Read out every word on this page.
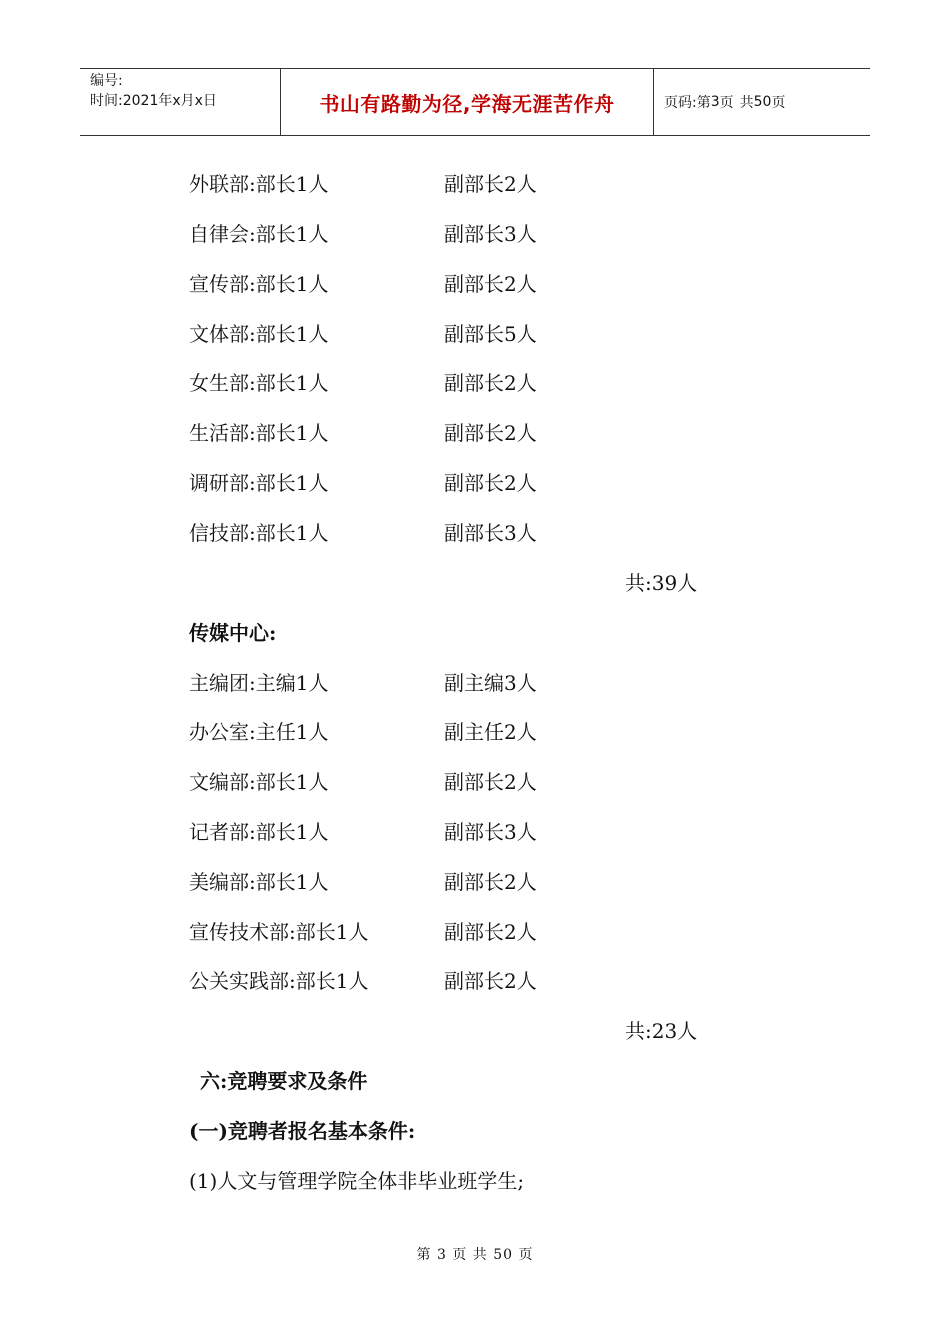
编号:
时间:2021年x月x日	书山有路勤为径,学海无涯苦作舟	页码:第 3 页 共 50 页
外联部:部长1人	副部长2人
自律会:部长1人	副部长3人
宣传部:部长1人	副部长2人
文体部:部长1人	副部长5人
女生部:部长1人	副部长2人
生活部:部长1人	副部长2人
调研部:部长1人	副部长2人
信技部:部长1人	副部长3人
共:39人
传媒中心:
主编团:主编1人	副主编3人
办公室:主任1人	副主任2人
文编部:部长1人	副部长2人
记者部:部长1人	副部长3人
美编部:部长1人	副部长2人
宣传技术部:部长1人	副部长2人
公关实践部:部长1人	副部长2人
共:23人
六:竞聘要求及条件
(一)竞聘者报名基本条件:
(1)人文与管理学院全体非毕业班学生;
第 3 页 共 50 页
